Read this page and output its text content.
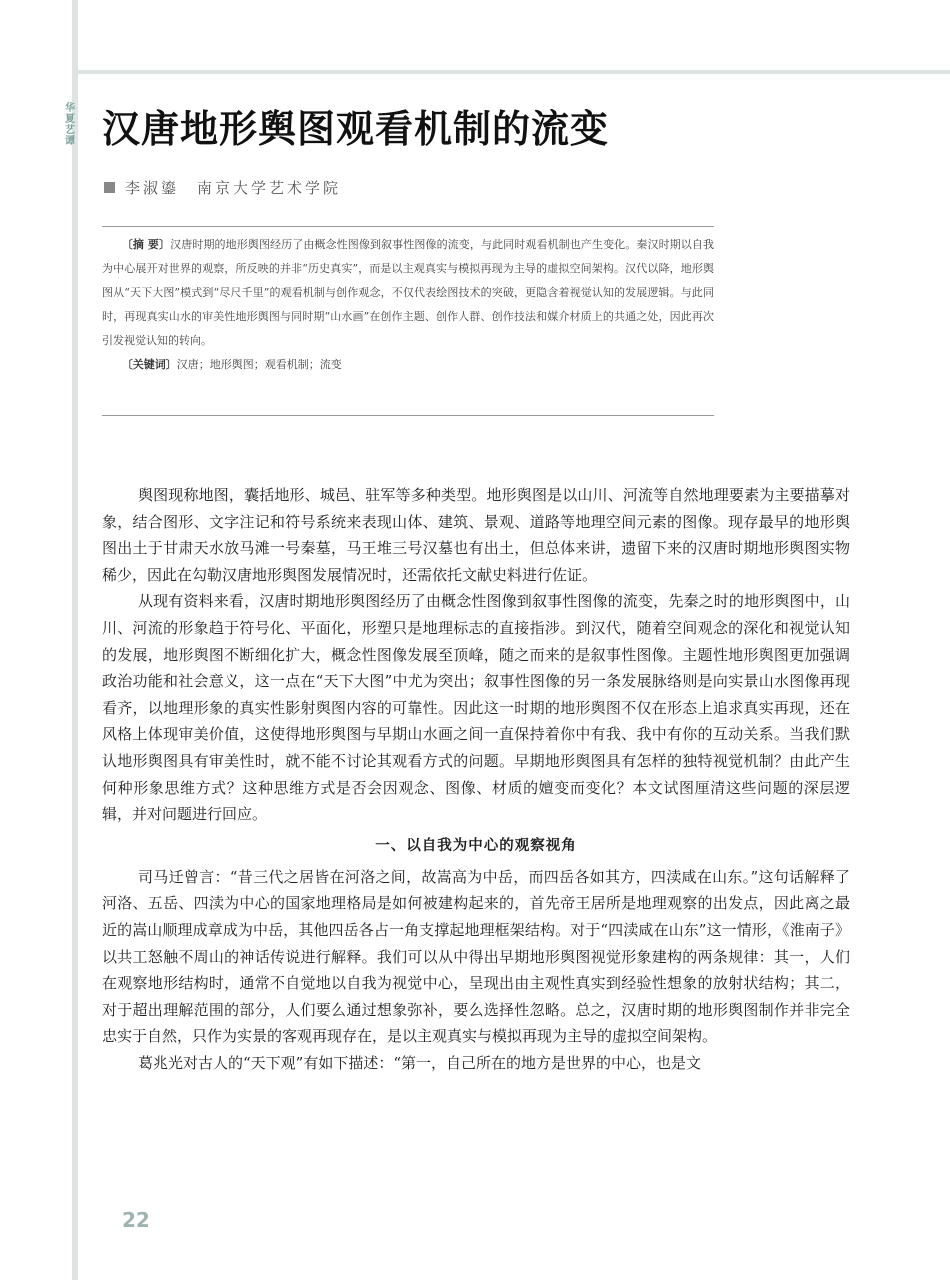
华夏艺谭 汉唐地形舆图观看机制的流变
李淑鎏 南京大学艺术学院

〔摘 要〕汉唐时期的地形舆图经历了由概念性图像到叙事性图像的流变，与此同时观看机制也产生变化。秦汉时期以自我为中心展开对世界的观察，所反映的并非“历史真实”，而是以主观真实与模拟再现为主导的虚拟空间架构。汉代以降，地形舆图从“天下大图”模式到“尽尺千里”的观看机制与创作观念，不仅代表绘图技术的突破，更隐含着视觉认知的发展逻辑。与此同时，再现真实山水的审美性地形舆图与同时期“山水画”在创作主题、创作人群、创作技法和媒介材质上的共通之处，因此再次引发视觉认知的转向。

〔关键词〕汉唐；地形舆图；观看机制；流变

舆图现称地图，囊括地形、城邑、驻军等多种类型。地形舆图是以山川、河流等自然地理要素为主要描摹对象，结合图形、文字注记和符号系统来表现山体、建筑、景观、道路等地理空间元素的图像。现存最早的地形舆图出土于甘肃天水放马滩一号秦墓，马王堆三号汉墓也有出土，但总体来讲，遗留下来的汉唐时期地形舆图实物稀少，因此在勾勒汉唐地形舆图发展情况时，还需依托文献史料进行佐证。

从现有资料来看，汉唐时期地形舆图经历了由概念性图像到叙事性图像的流变，先秦之时的地形舆图中，山川、河流的形象趋于符号化、平面化，形塑只是地理标志的直接指涉。到汉代，随着空间观念的深化和视觉认知的发展，地形舆图不断细化扩大，概念性图像发展至顶峰，随之而来的是叙事性图像。主题性地形舆图更加强调政治功能和社会意义，这一点在“天下大图”中尤为突出；叙事性图像的另一条发展脉络则是向实景山水图像再现看齐，以地理形象的真实性影射舆图内容的可靠性。因此这一时期的地形舆图不仅在形态上追求真实再现，还在风格上体现审美价值，这使得地形舆图与早期山水画之间一直保持着你中有我、我中有你的互动关系。当我们默认地形舆图具有审美性时，就不能不讨论其观看方式的问题。早期地形舆图具有怎样的独特视觉机制？由此产生何种形象思维方式？这种思维方式是否会因观念、图像、材质的嬗变而变化？本文试图厘清这些问题的深层逻辑，并对问题进行回应。

一、以自我为中心的观察视角

司马迁曾言：“昔三代之居皆在河洛之间，故嵩高为中岳，而四岳各如其方，四渎咸在山东。”这句话解释了河洛、五岳、四渎为中心的国家地理格局是如何被建构起来的，首先帝王居所是地理观察的出发点，因此离之最近的嵩山顺理成章成为中岳，其他四岳各占一角支撑起地理框架结构。对于“四渎咸在山东”这一情形，《淮南子》以共工怒触不周山的神话传说进行解释。我们可以从中得出早期地形舆图视觉形象建构的两条规律：其一，人们在观察地形结构时，通常不自觉地以自我为视觉中心，呈现出由主观性真实到经验性想象的放射状结构；其二，对于超出理解范围的部分，人们要么通过想象弥补，要么选择性忽略。总之，汉唐时期的地形舆图制作并非完全忠实于自然，只作为实景的客观再现存在，是以主观真实与模拟再现为主导的虚拟空间架构。

葛兆光对古人的“天下观”有如下描述：“第一，自己所在的地方是世界的中心，也是文

22
